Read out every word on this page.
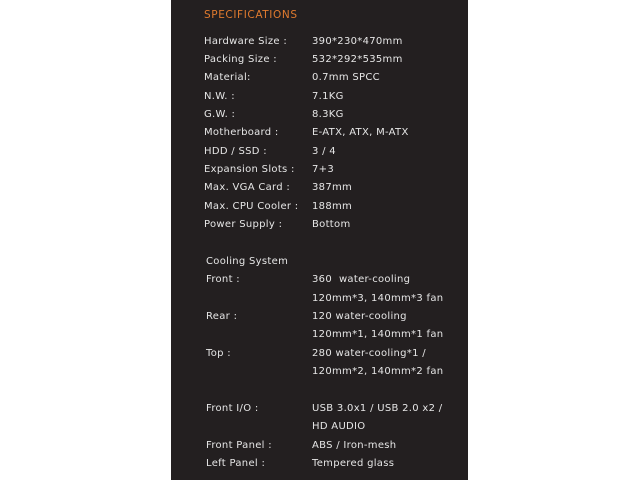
SPECIFICATIONS
Hardware Size : 390*230*470mm
Packing Size :	532*292*535mm
Material:	0.7mm SPCC
N.W. :	7.1KG
G.W. :	8.3KG
Motherboard :	E-ATX, ATX, M-ATX
HDD / SSD :	3 / 4
Expansion Slots : 7+3
Max. VGA Card : 387mm
Max. CPU Cooler : 188mm
Power Supply :	Bottom
Cooling System
Front :	360  water-cooling
120mm*3, 140mm*3 fan
Rear :	120 water-cooling
120mm*1, 140mm*1 fan
Top :	280 water-cooling*1 /
120mm*2, 140mm*2 fan
Front I/O :	USB 3.0x1 / USB 2.0 x2 /
HD AUDIO
Front Panel :	ABS / Iron-mesh
Left Panel :	Tempered glass
